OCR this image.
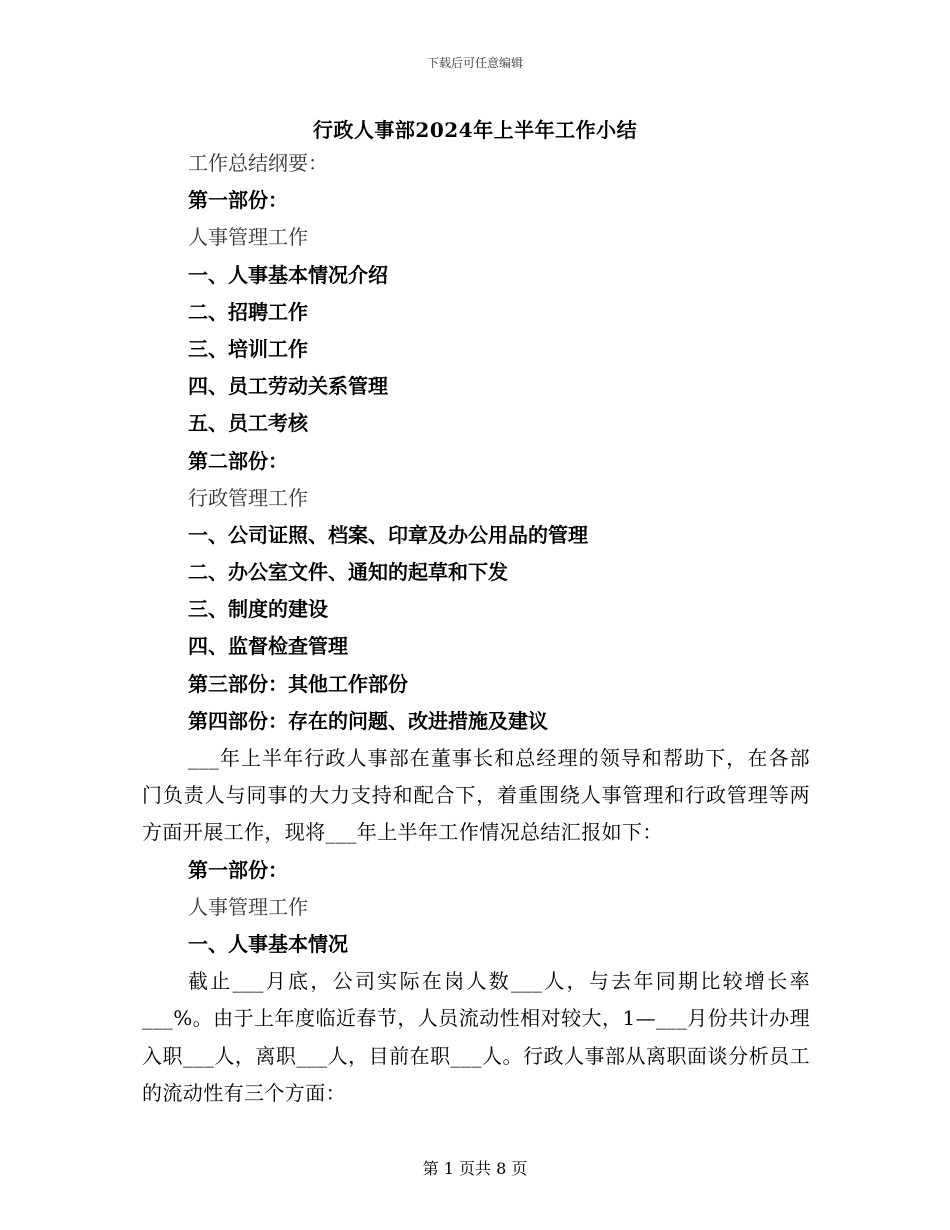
下载后可任意编辑
行政人事部2024年上半年工作小结
工作总结纲要：
第一部份：
人事管理工作
一、人事基本情况介绍
二、招聘工作
三、培训工作
四、员工劳动关系管理
五、员工考核
第二部份：
行政管理工作
一、公司证照、档案、印章及办公用品的管理
二、办公室文件、通知的起草和下发
三、制度的建设
四、监督检查管理
第三部份：其他工作部份
第四部份：存在的问题、改进措施及建议

___年上半年行政人事部在董事长和总经理的领导和帮助下，在各部门负责人与同事的大力支持和配合下，着重围绕人事管理和行政管理等两方面开展工作，现将___年上半年工作情况总结汇报如下：

第一部份：
人事管理工作
一、人事基本情况

截止___月底，公司实际在岗人数___人，与去年同期比较增长率___%。由于上年度临近春节，人员流动性相对较大，1—___月份共计办理入职___人，离职___人，目前在职___人。行政人事部从离职面谈分析员工的流动性有三个方面：

第 1 页共 8 页
